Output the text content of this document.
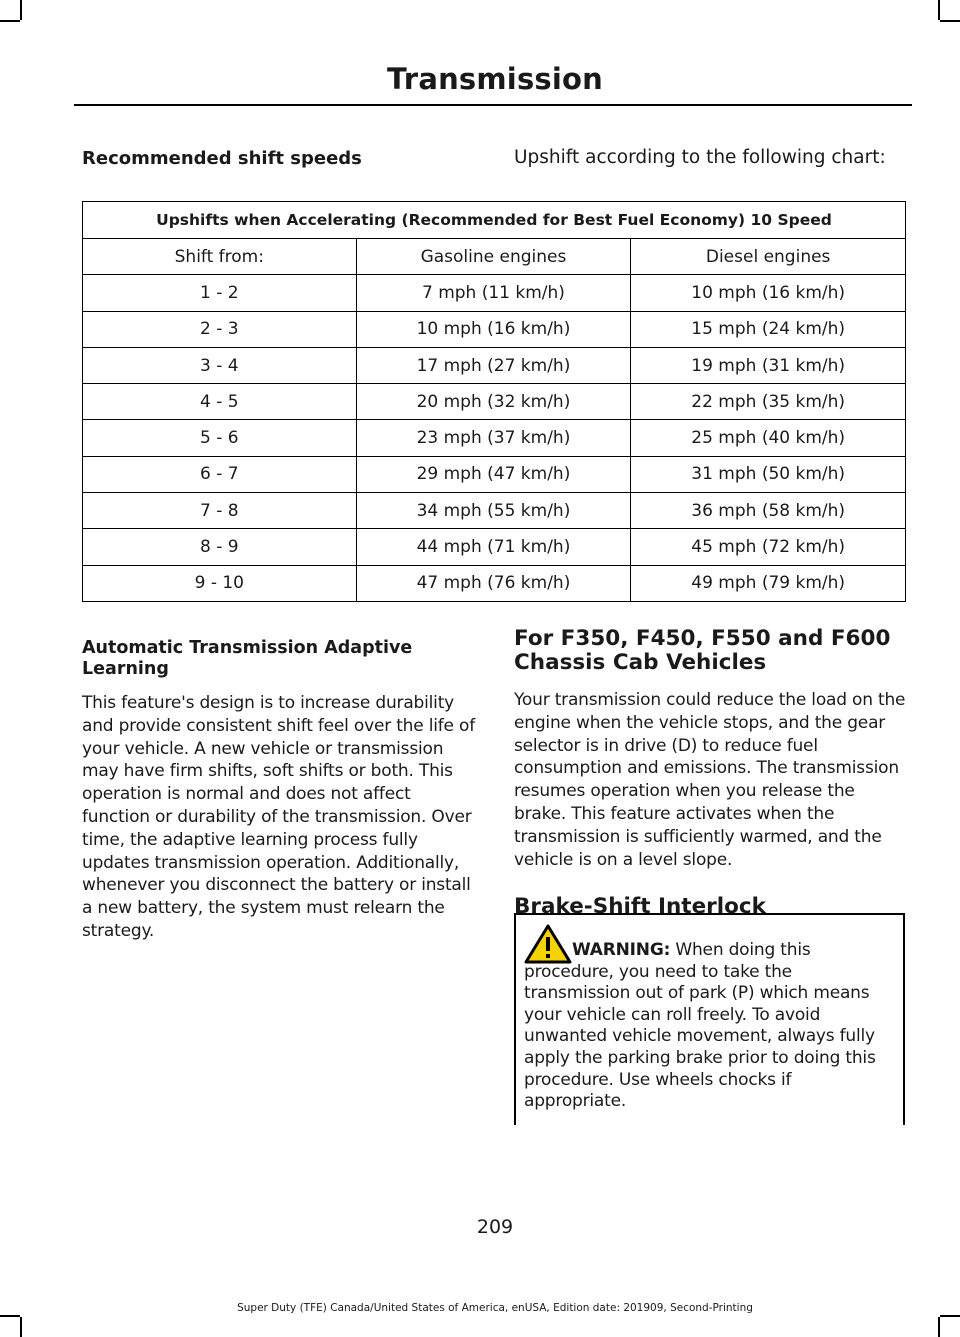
Transmission
Recommended shift speeds	Upshift according to the following chart:
Upshifts when Accelerating (Recommended for Best Fuel Economy) 10 Speed		
Shift from:	Gasoline engines	Diesel engines
1 - 2	7 mph (11 km/h)	10 mph (16 km/h)
2 - 3	10 mph (16 km/h)	15 mph (24 km/h)
3 - 4	17 mph (27 km/h)	19 mph (31 km/h)
4 - 5	20 mph (32 km/h)	22 mph (35 km/h)
5 - 6	23 mph (37 km/h)	25 mph (40 km/h)
6 - 7	29 mph (47 km/h)	31 mph (50 km/h)
7 - 8	34 mph (55 km/h)	36 mph (58 km/h)
8 - 9	44 mph (71 km/h)	45 mph (72 km/h)
9 - 10	47 mph (76 km/h)	49 mph (79 km/h)
Automatic Transmission Adaptive Learning

This feature's design is to increase durability and provide consistent shift feel over the life of your vehicle. A new vehicle or transmission may have firm shifts, soft shifts or both. This operation is normal and does not affect function or durability of the transmission. Over time, the adaptive learning process fully updates transmission operation. Additionally, whenever you disconnect the battery or install a new battery, the system must relearn the strategy.

For F350, F450, F550 and F600 Chassis Cab Vehicles

Your transmission could reduce the load on the engine when the vehicle stops, and the gear selector is in drive (D) to reduce fuel consumption and emissions. The transmission resumes operation when you release the brake. This feature activates when the transmission is sufficiently warmed, and the vehicle is on a level slope.

Brake-Shift Interlock
WARNING: When doing this procedure, you need to take the transmission out of park (P) which means your vehicle can roll freely. To avoid unwanted vehicle movement, always fully apply the parking brake prior to doing this procedure. Use wheels chocks if appropriate.
209
Super Duty (TFE) Canada/United States of America, enUSA, Edition date: 201909, Second-Printing
